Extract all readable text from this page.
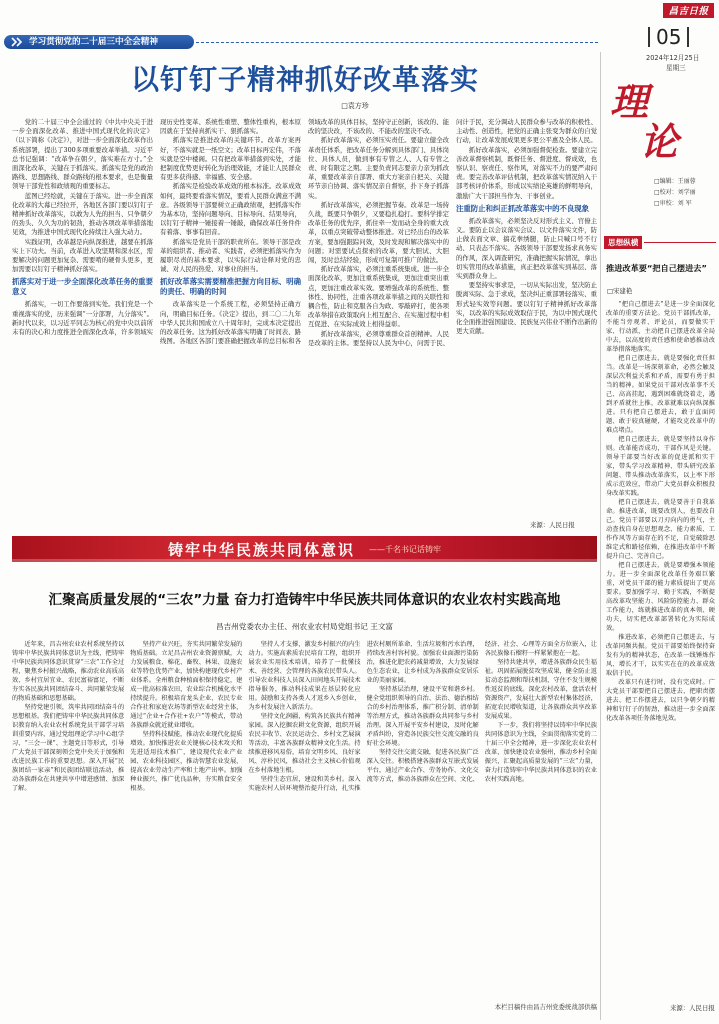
昌吉日报
05
2024年12月25日
星期三
学习贯彻党的二十届三中全会精神
以钉钉子精神抓好改革落实
□袁方珍

党的二十届三中全会通过的《中共中央关于进一步全面深化改革、推进中国式现代化的决定》（以下简称《决定》），对进一步全面深化改革作出系统部署，提出了300多项重要改革举措。习近平总书记强调：“改革争在朝夕，落实难在方寸。”全面深化改革，关键在于抓落实。抓落实是党的政治路线、思想路线、群众路线的根本要求，也是衡量领导干部党性和政绩观的重要标志。

蓝图已经绘就，关键在于落实。进一步全面深化改革的大幕已经拉开，各地区各部门要以钉钉子精神抓好改革落实，以敢为人先的担当、只争朝夕的劲头、久久为功的韧劲，推动各项改革举措落地见效，为推进中国式现代化持续注入强大动力。

实践证明，改革越是向纵深推进，越要在抓落实上下功夫。当前，改革进入攻坚期和深水区，需要解决的问题更加复杂、需要啃的硬骨头更多，更加需要以钉钉子精神抓好落实。

抓落实对于进一步全面深化改革任务的重要意义

抓落实，一切工作要落到实处。我们党是一个重视落实的党，历来强调“一分部署，九分落实”。新时代以来，以习近平同志为核心的党中央以前所未有的决心和力度推进全面深化改革，许多领域实现历史性变革、系统性重塑、整体性重构，根本原因就在于坚持真抓实干、狠抓落实。

抓落实是推进改革的关键环节。改革方案再好，不落实就是一纸空文；改革目标再宏伟，不落实就是空中楼阁。只有把改革举措落到实处，才能把制度优势更好转化为治理效能，才能让人民群众有更多获得感、幸福感、安全感。

抓落实是检验改革成效的根本标准。改革成效如何，最终要看落实情况，要看人民群众满意不满意。各级领导干部要树立正确政绩观，把抓落实作为基本功，坚持问题导向、目标导向、结果导向，以钉钉子精神一锤接着一锤敲，确保改革任务件件有着落、事事有回音。

抓落实是党员干部的职责所在。领导干部是改革的组织者、推动者、实践者，必须把抓落实作为履职尽责的基本要求，以实际行动诠释对党的忠诚、对人民的热爱、对事业的担当。

抓好改革落实需要精准把握方向目标、明确的责任、明确的时间

改革落实是一个系统工程，必须坚持正确方向，明确目标任务。《决定》提出，到二〇二九年中华人民共和国成立八十周年时，完成本决定提出的改革任务。这为抓好改革落实明确了时间表、路线图。各地区各部门要准确把握改革的总目标和各领域改革的具体目标，坚持守正创新，该改的、能改的坚决改，不该改的、不能改的坚决不改。

抓好改革落实，必须压实责任。要建立健全改革责任体系，把改革任务分解到具体部门、具体岗位、具体人员，做到事有专管之人、人有专管之责、时有限定之期。主要负责同志要亲力亲为抓改革，重要改革亲自部署、重大方案亲自把关、关键环节亲自协调、落实情况亲自督察，扑下身子抓落实。

抓好改革落实，必须把握节奏。改革是一场持久战，既要只争朝夕，又要稳扎稳打。要科学排定改革任务的优先序，抓住牵一发而动全身的重大改革，以重点突破带动整体推进。对已经出台的改革方案，要加强跟踪问效，及时发现和解决落实中的问题；对需要试点探索的改革，要大胆试、大胆闯，及时总结经验，形成可复制可推广的做法。

抓好改革落实，必须注重系统集成。进一步全面深化改革，更加注重系统集成，更加注重突出重点，更加注重改革实效。要增强改革的系统性、整体性、协同性，注重各项改革举措之间的关联性和耦合性，防止和克服各自为政、零敲碎打，使各项改革举措在政策取向上相互配合、在实施过程中相互促进、在实际成效上相得益彰。

抓好改革落实，必须尊重群众首创精神。人民是改革的主体。要坚持以人民为中心，问需于民、问计于民，充分调动人民群众参与改革的积极性、主动性、创造性，把党的正确主张变为群众的自觉行动，让改革发展成果更多更公平惠及全体人民。

抓好改革落实，必须加强督促检查。要建立完善改革督察机制，既督任务、督进度、督成效，也察认识、察责任、察作风，对落实不力的要严肃问责。要完善改革评估机制，把改革落实情况纳入干部考核评价体系，形成以实绩论英雄的鲜明导向，激励广大干部担当作为、干事创业。

注重防止和纠正抓改革落实中的不良现象

抓改革落实，必须坚决反对形式主义、官僚主义。要防止以会议落实会议、以文件落实文件，防止做表面文章、搞花拳绣腿，防止只喊口号不行动、只表态不落实。各级领导干部要发扬求真务实的作风，深入调查研究，准确把握实际情况，拿出切实管用的改革措施，真正把改革落实到基层、落实到群众身上。

要坚持实事求是，一切从实际出发，坚决防止脱离实际、急于求成，坚决纠正重部署轻落实、重形式轻实效等问题。要以钉钉子精神抓好改革落实，以改革的实际成效取信于民，为以中国式现代化全面推进强国建设、民族复兴伟业不断作出新的更大贡献。

来源：人民日报
理论
□编辑：王丽蓉
□校对：刘学丽
□审校：刘 军
思想纵横
推进改革要“把自己摆进去”
□宋建艳

“把自己摆进去”是进一步全面深化改革的重要方法论。党员干部抓改革，不能当旁观者、评论员，而要做实干家、行动派，主动把自己摆进改革全局中去，以高度的责任感和使命感推动改革举措落地落实。

把自己摆进去，就是要强化责任担当。改革是一场深刻革命，必然会触及深层次利益关系和矛盾，需要有勇于担当的精神。如果党员干部对改革事不关己、高高挂起，遇到困难就绕着走，遇到矛盾就往上推，改革就难以向纵深推进。只有把自己摆进去，敢于直面问题、敢于较真碰硬，才能攻克改革中的难点堵点。

把自己摆进去，就是要坚持以身作则。改革能否成功，干部作风是关键。领导干部要当好改革的促进派和实干家，带头学习改革精神、带头研究改革问题、带头推动改革落实，以上率下形成示范效应，带动广大党员群众积极投身改革实践。

把自己摆进去，就是要善于自我革命。推进改革，既要改别人，也要改自己。党员干部要以刀刃向内的勇气，主动查找自身在思想观念、能力素质、工作作风等方面存在的不足，自觉破除思维定式和路径依赖，在推进改革中不断提升自己、完善自己。

把自己摆进去，就是要增强本领能力。进一步全面深化改革任务艰巨繁重，对党员干部的能力素质提出了更高要求。要加强学习、勤于实践，不断提高改革攻坚能力、风险防控能力、群众工作能力，练就推进改革的真本领、硬功夫，切实把改革部署转化为实际成效。

推进改革，必须把自己摆进去，与改革同频共振。党员干部要始终保持奋发有为的精神状态，在改革一线锤炼作风、增长才干，以实实在在的改革成效取信于民。

改革只有进行时，没有完成时。广大党员干部要把自己摆进去、把职责摆进去、把工作摆进去，以只争朝夕的精神和钉钉子的韧劲，推动进一步全面深化改革各项任务落地见效。

来源：人民日报
铸牢中华民族共同体意识 ——千名书记话铸牢
汇聚高质量发展的“三农”力量 奋力打造铸牢中华民族共同体意识的农业农村实践高地
昌吉州党委农办主任、州农业农村局党组书记 王文富

近年来，昌吉州农业农村系统坚持以铸牢中华民族共同体意识为主线，把铸牢中华民族共同体意识贯穿“三农”工作全过程，聚焦乡村振兴战略，推动农业高质高效、乡村宜居宜业、农民富裕富足，不断夯实各民族共同团结奋斗、共同繁荣发展的物质基础和思想基础。

坚持党建引领，筑牢共同团结奋斗的思想根基。我们把铸牢中华民族共同体意识教育纳入农业农村系统党员干部学习培训重要内容，通过党组理论学习中心组学习、“三会一课”、主题党日等形式，引导广大党员干部深刻领会党中央关于加强和改进民族工作的重要思想。深入开展“民族团结一家亲”和民族团结联谊活动，推动各族群众在共建共享中增进感情、加深了解。

坚持产业兴旺，夯实共同繁荣发展的物质基础。立足昌吉州农业资源禀赋，大力发展粮食、棉花、畜牧、林果、设施农业等特色优势产业，加快构建现代乡村产业体系。全州粮食种植面积保持稳定，建成一批高标准农田，农业综合机械化水平持续提升。积极培育龙头企业、农民专业合作社和家庭农场等新型农业经营主体，通过“企业+合作社+农户”等模式，带动各族群众就近就业增收。

坚持科技赋能，推动农业现代化提质增效。加快推进农业关键核心技术攻关和先进适用技术推广，建设现代农业产业园、农业科技园区，推动智慧农业发展，提高农业劳动生产率和土地产出率。加强种业振兴，推广优良品种，夯实粮食安全根基。

坚持人才支撑，激发乡村振兴的内生动力。实施高素质农民培育工程，组织开展农业实用技术培训，培养了一批懂技术、善经营、会管理的各族农民带头人。引导农业科技人员深入田间地头开展技术指导服务，推动科技成果在基层转化应用。鼓励和支持各类人才返乡入乡创业，为乡村发展注入新活力。

坚持文化润疆，构筑各民族共有精神家园。深入挖掘农耕文化资源，组织开展农民丰收节、农民运动会、乡村文艺展演等活动，丰富各族群众精神文化生活。持续推进移风易俗，培育文明乡风、良好家风、淳朴民风，推动社会主义核心价值观在乡村落地生根。

坚持生态宜居，建设和美乡村。深入实施农村人居环境整治提升行动，扎实推进农村厕所革命、生活垃圾和污水治理，持续改善村容村貌。加强农业面源污染防治，推进化肥农药减量增效，大力发展绿色生态农业，让乡村成为各族群众安居乐业的美丽家园。

坚持基层治理，建设平安和谐乡村。健全党组织领导的自治、法治、德治相结合的乡村治理体系，推广积分制、清单制等治理方式，推动各族群众共同参与乡村治理。深入开展平安乡村建设，及时化解矛盾纠纷，营造各民族交往交流交融的良好社会环境。

坚持交往交流交融，促进各民族广泛深入交往。积极搭建各族群众互嵌式发展平台，通过产业合作、劳务协作、文化交流等方式，推动各族群众在空间、文化、经济、社会、心理等方面全方位嵌入，让各民族像石榴籽一样紧紧抱在一起。

坚持共建共享，增进各族群众民生福祉。巩固拓展脱贫攻坚成果，健全防止返贫动态监测和帮扶机制，守住不发生规模性返贫的底线。深化农村改革，盘活农村资源资产，发展壮大新型农村集体经济，拓宽农民增收渠道，让各族群众共享改革发展成果。

下一步，我们将坚持以铸牢中华民族共同体意识为主线，全面贯彻落实党的二十届三中全会精神，进一步深化农业农村改革，加快建设农业强州，推动乡村全面振兴，汇聚起高质量发展的“三农”力量，奋力打造铸牢中华民族共同体意识的农业农村实践高地。

本栏目稿件由昌吉州党委统战部供稿
